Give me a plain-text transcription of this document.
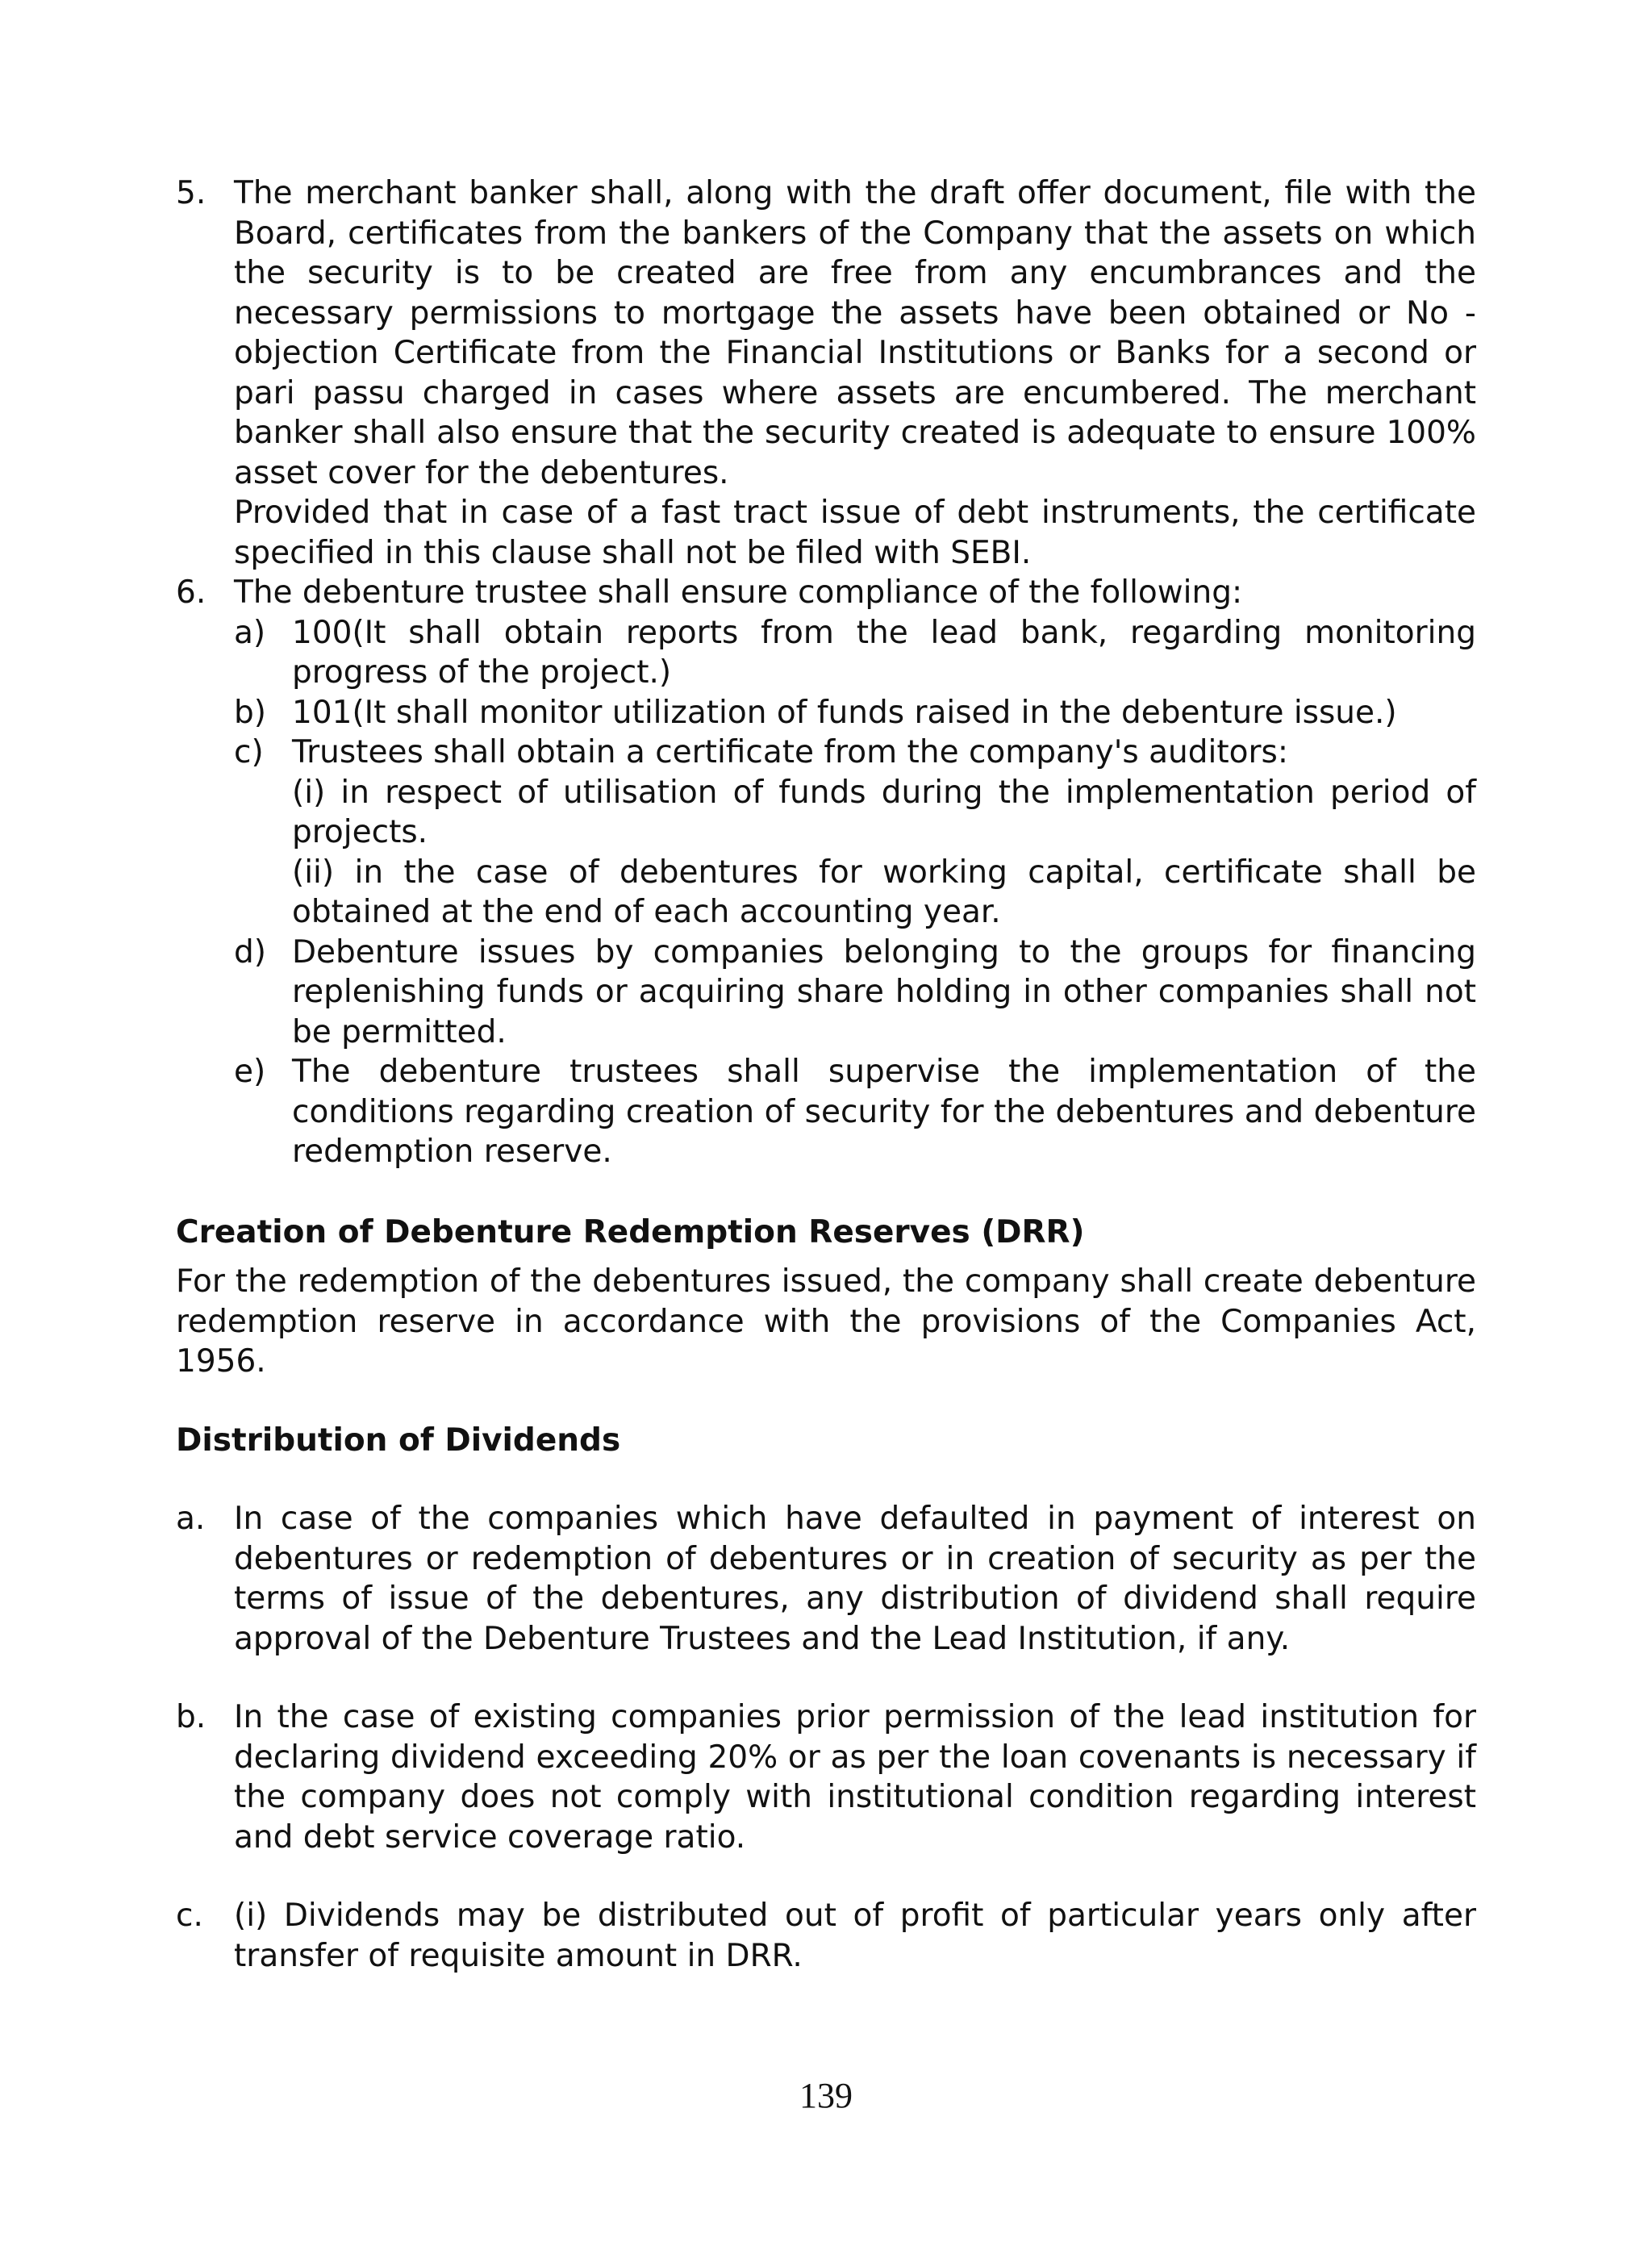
5. The merchant banker shall, along with the draft offer document, file with the Board, certificates from the bankers of the Company that the assets on which the security is to be created are free from any encumbrances and the necessary permissions to mortgage the assets have been obtained or No - objection Certificate from the Financial Institutions or Banks for a second or pari passu charged in cases where assets are encumbered. The merchant banker shall also ensure that the security created is adequate to ensure 100% asset cover for the debentures.
Provided that in case of a fast tract issue of debt instruments, the certificate specified in this clause shall not be filed with SEBI.
6. The debenture trustee shall ensure compliance of the following:
a) 100(It shall obtain reports from the lead bank, regarding monitoring progress of the project.)
b) 101(It shall monitor utilization of funds raised in the debenture issue.)
c) Trustees shall obtain a certificate from the company's auditors:
(i) in respect of utilisation of funds during the implementation period of projects.
(ii) in the case of debentures for working capital, certificate shall be obtained at the end of each accounting year.
d) Debenture issues by companies belonging to the groups for financing replenishing funds or acquiring share holding in other companies shall not be permitted.
e) The debenture trustees shall supervise the implementation of the conditions regarding creation of security for the debentures and debenture redemption reserve.
Creation of Debenture Redemption Reserves (DRR)
For the redemption of the debentures issued, the company shall create debenture redemption reserve in accordance with the provisions of the Companies Act, 1956.
Distribution of Dividends
a. In case of the companies which have defaulted in payment of interest on debentures or redemption of debentures or in creation of security as per the terms of issue of the debentures, any distribution of dividend shall require approval of the Debenture Trustees and the Lead Institution, if any.
b. In the case of existing companies prior permission of the lead institution for declaring dividend exceeding 20% or as per the loan covenants is necessary if the company does not comply with institutional condition regarding interest and debt service coverage ratio.
c. (i) Dividends may be distributed out of profit of particular years only after transfer of requisite amount in DRR.
139
